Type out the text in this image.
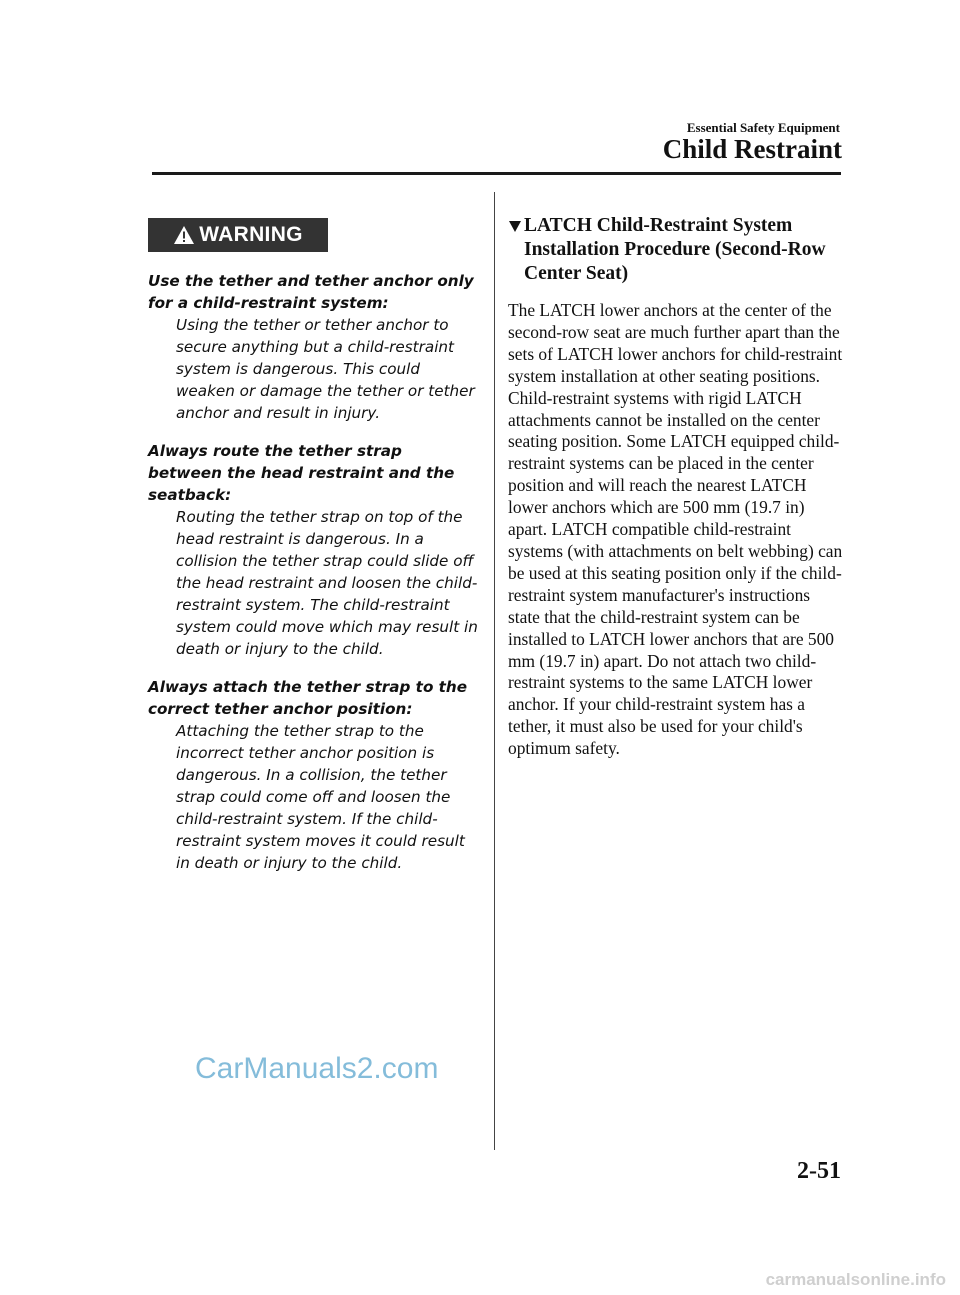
Essential Safety Equipment
Child Restraint
WARNING

Use the tether and tether anchor only for a child-restraint system:

Using the tether or tether anchor to secure anything but a child-restraint system is dangerous. This could weaken or damage the tether or tether anchor and result in injury.

Always route the tether strap between the head restraint and the seatback:

Routing the tether strap on top of the head restraint is dangerous. In a collision the tether strap could slide off the head restraint and loosen the child-restraint system. The child-restraint system could move which may result in death or injury to the child.

Always attach the tether strap to the correct tether anchor position:

Attaching the tether strap to the incorrect tether anchor position is dangerous. In a collision, the tether strap could come off and loosen the child-restraint system. If the child-restraint system moves it could result in death or injury to the child.

LATCH Child-Restraint System Installation Procedure (Second-Row Center Seat)

The LATCH lower anchors at the center of the second-row seat are much further apart than the sets of LATCH lower anchors for child-restraint system installation at other seating positions. Child-restraint systems with rigid LATCH attachments cannot be installed on the center seating position. Some LATCH equipped child-restraint systems can be placed in the center position and will reach the nearest LATCH lower anchors which are 500 mm (19.7 in) apart. LATCH compatible child-restraint systems (with attachments on belt webbing) can be used at this seating position only if the child-restraint system manufacturer's instructions state that the child-restraint system can be installed to LATCH lower anchors that are 500 mm (19.7 in) apart. Do not attach two child-restraint systems to the same LATCH lower anchor. If your child-restraint system has a tether, it must also be used for your child's optimum safety.

2-51
CarManuals2.com
carmanualsonline.info
